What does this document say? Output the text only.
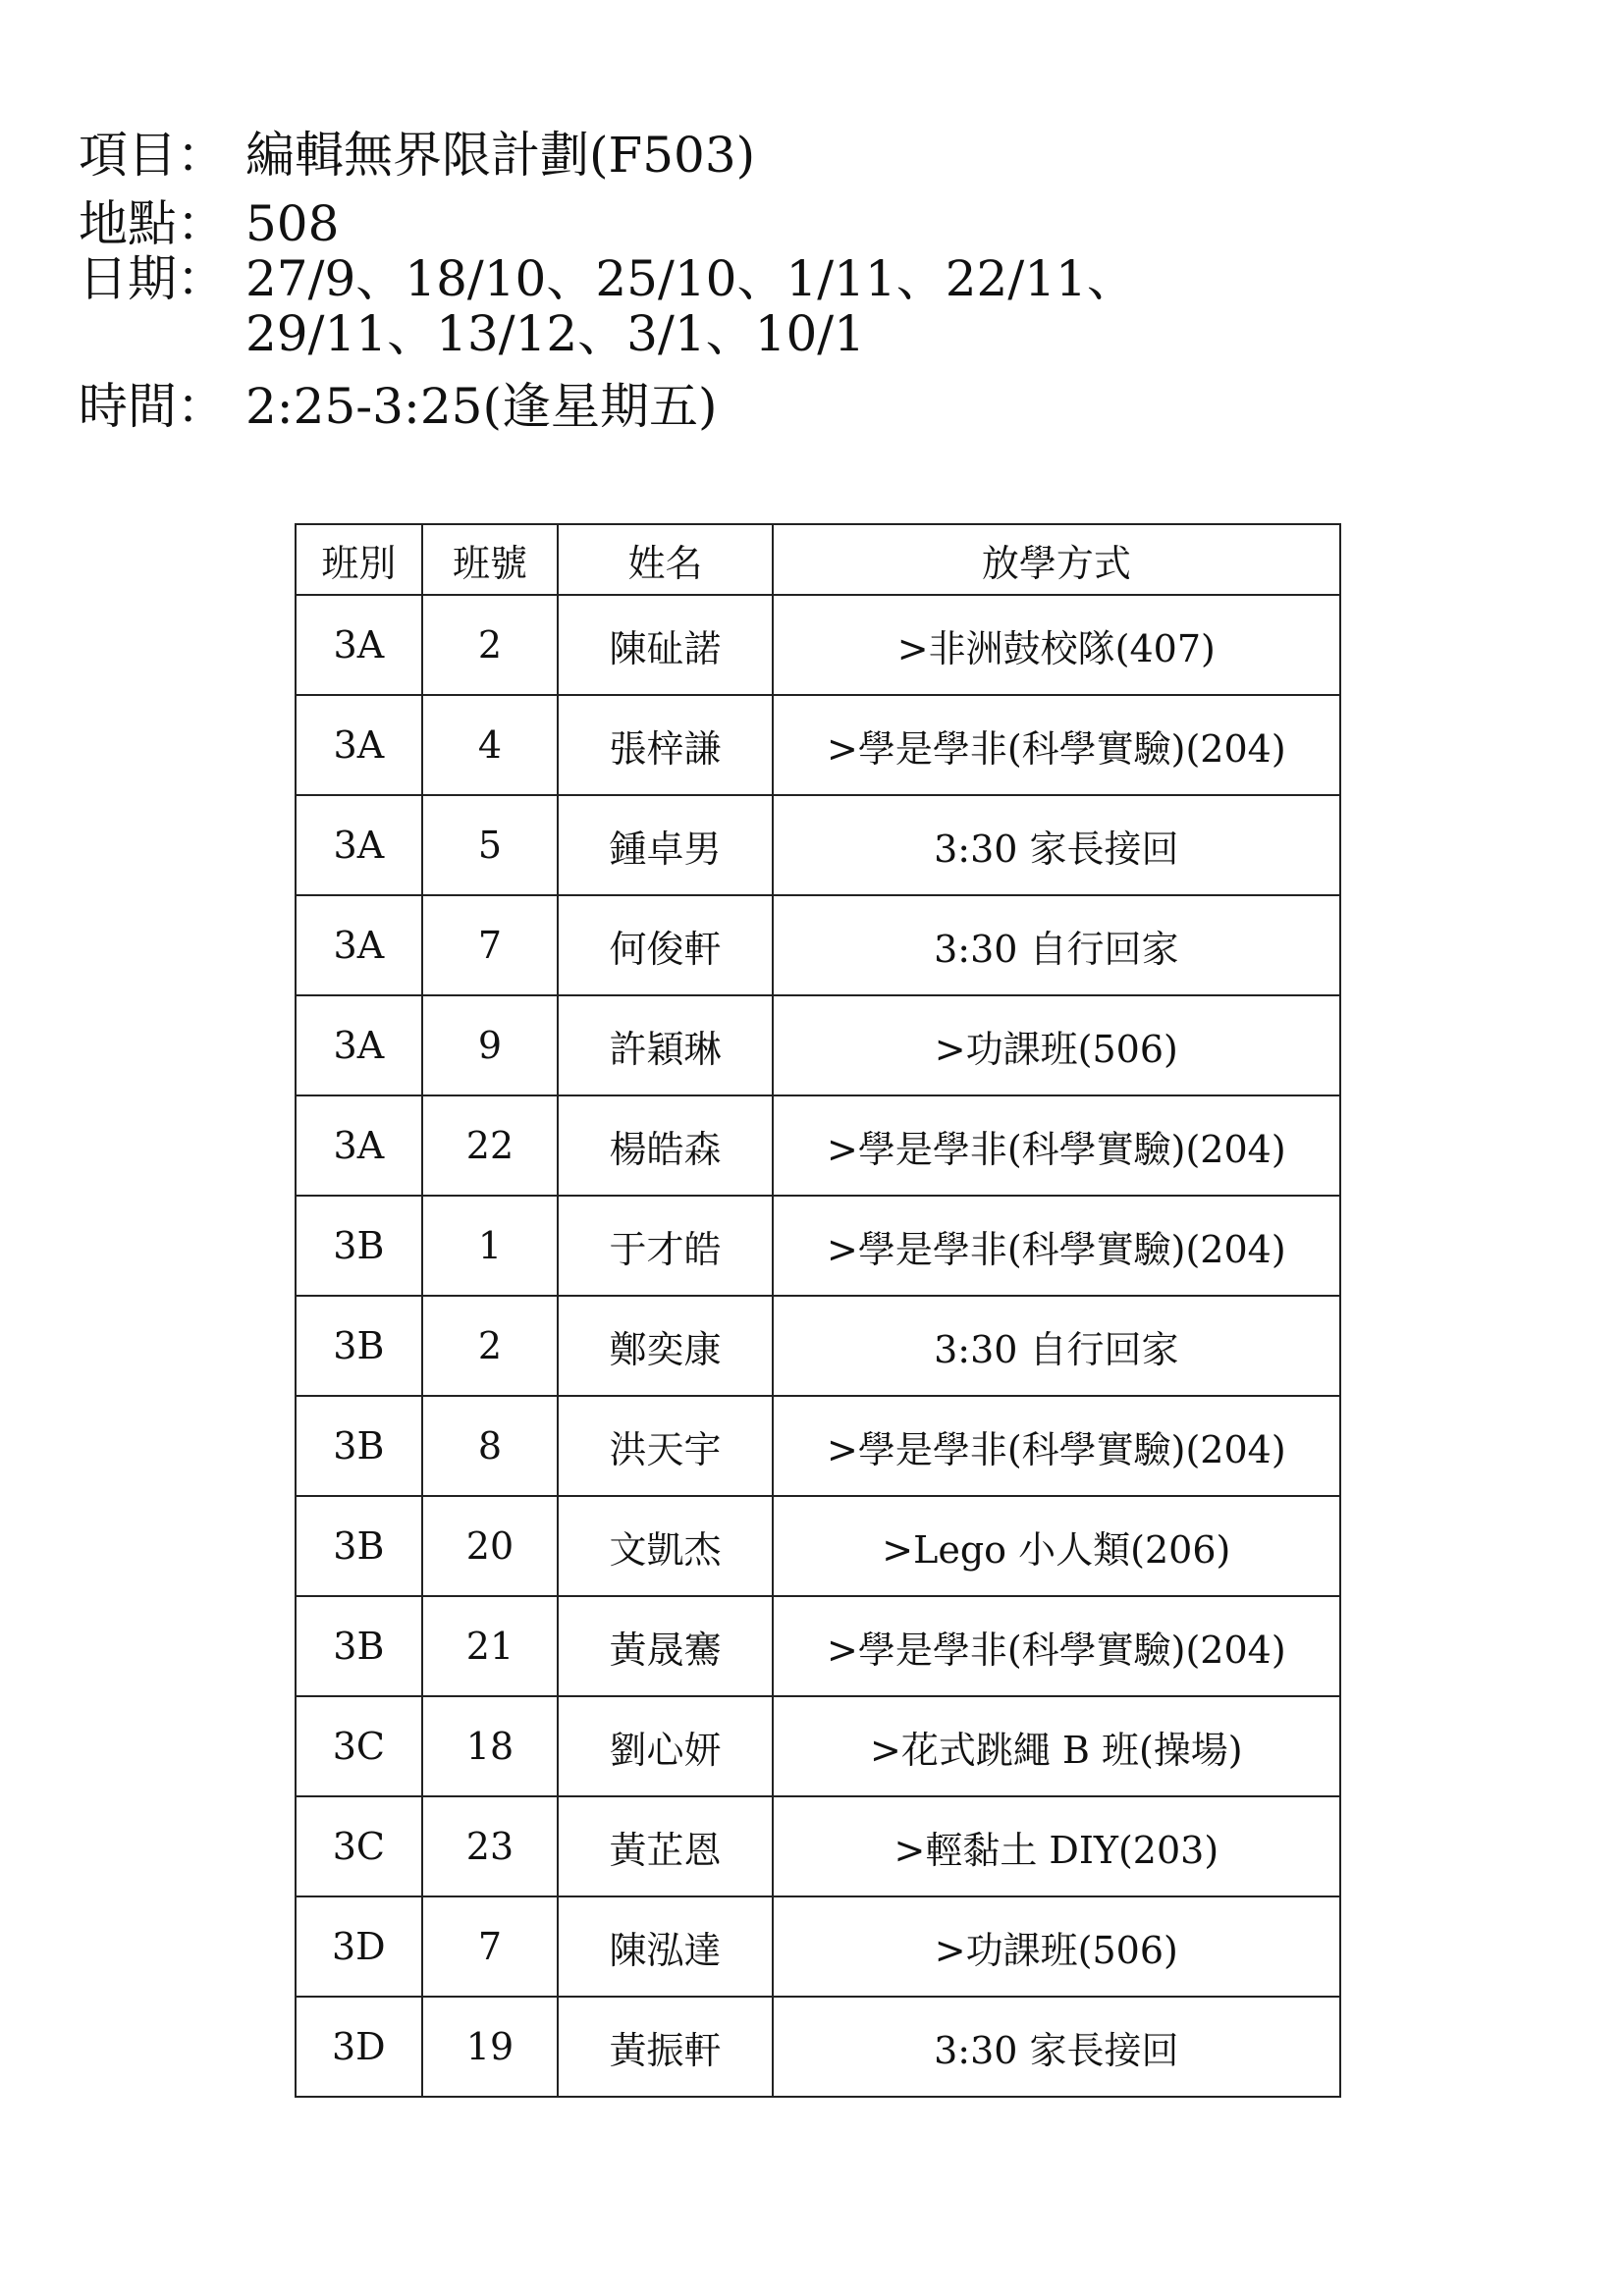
項目： 編輯無界限計劃(F503)
地點： 508
日期： 27/9、18/10、25/10、1/11、22/11、
29/11、13/12、3/1、10/1
時間： 2:25-3:25(逢星期五)
班別	班號	姓名	放學方式
3A	2	陳砋諾	>非洲鼓校隊(407)
3A	4	張梓謙	>學是學非(科學實驗)(204)
3A	5	鍾卓男	3:30 家長接回
3A	7	何俊軒	3:30 自行回家
3A	9	許穎琳	>功課班(506)
3A	22	楊皓森	>學是學非(科學實驗)(204)
3B	1	于才皓	>學是學非(科學實驗)(204)
3B	2	鄭奕康	3:30 自行回家
3B	8	洪天宇	>學是學非(科學實驗)(204)
3B	20	文凱杰	>Lego 小人類(206)
3B	21	黃晟騫	>學是學非(科學實驗)(204)
3C	18	劉心妍	>花式跳繩 B 班(操場)
3C	23	黃芷恩	>輕黏土 DIY(203)
3D	7	陳泓達	>功課班(506)
3D	19	黃振軒	3:30 家長接回
